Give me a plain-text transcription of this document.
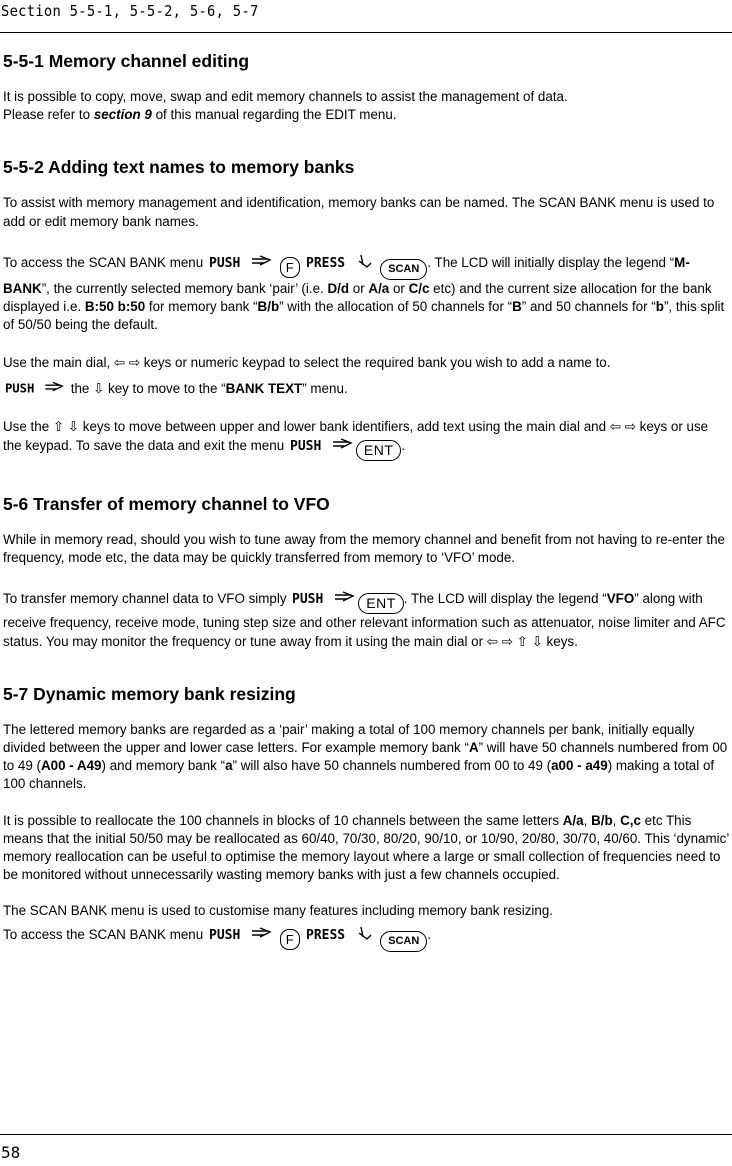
Section 5-5-1, 5-5-2, 5-6, 5-7
5-5-1 Memory channel editing

It is possible to copy, move, swap and edit memory channels to assist the management of data.
Please refer to section 9 of this manual regarding the EDIT menu.

5-5-2 Adding text names to memory banks

To assist with memory management and identification, memory banks can be named. The SCAN BANK menu is used to add or edit memory bank names.

To access the SCAN BANK menu PUSH	F PRESS	SCAN . The LCD will initially display the legend “M-BANK”, the currently selected memory bank ‘pair’ (i.e. D/d or A/a or C/c etc) and the current size allocation for the bank displayed i.e. B:50 b:50 for memory bank “B/b” with the allocation of 50 channels for “B” and 50 channels for “b”, this split of 50/50 being the default.

Use the main dial, ⇦ ⇨ keys or numeric keypad to select the required bank you wish to add a name to.

PUSH the ⇩ key to move to the “BANK TEXT” menu.

Use the ⇧ ⇩ keys to move between upper and lower bank identifiers, add text using the main dial and ⇦ ⇨ keys or use the keypad. To save the data and exit the menu PUSH	ENT .

5-6 Transfer of memory channel to VFO

While in memory read, should you wish to tune away from the memory channel and benefit from not having to re-enter the frequency, mode etc, the data may be quickly transferred from memory to ‘VFO’ mode.

To transfer memory channel data to VFO simply PUSH	ENT . The LCD will display the legend “VFO” along with receive frequency, receive mode, tuning step size and other relevant information such as attenuator, noise limiter and AFC status. You may monitor the frequency or tune away from it using the main dial or ⇦ ⇨ ⇧ ⇩ keys.

5-7 Dynamic memory bank resizing

The lettered memory banks are regarded as a ‘pair’ making a total of 100 memory channels per bank, initially equally divided between the upper and lower case letters. For example memory bank “A” will have 50 channels numbered from 00 to 49 (A00 - A49) and memory bank “a” will also have 50 channels numbered from 00 to 49 (a00 - a49) making a total of 100 channels.

It is possible to reallocate the 100 channels in blocks of 10 channels between the same letters A/a, B/b, C,c etc This means that the initial 50/50 may be reallocated as 60/40, 70/30, 80/20, 90/10, or 10/90, 20/80, 30/70, 40/60. This ‘dynamic’ memory reallocation can be useful to optimise the memory layout where a large or small collection of frequencies need to be monitored without unnecessarily wasting memory banks with just a few channels occupied.

The SCAN BANK menu is used to customise many features including memory bank resizing.

To access the SCAN BANK menu PUSH	F PRESS	SCAN .

58
